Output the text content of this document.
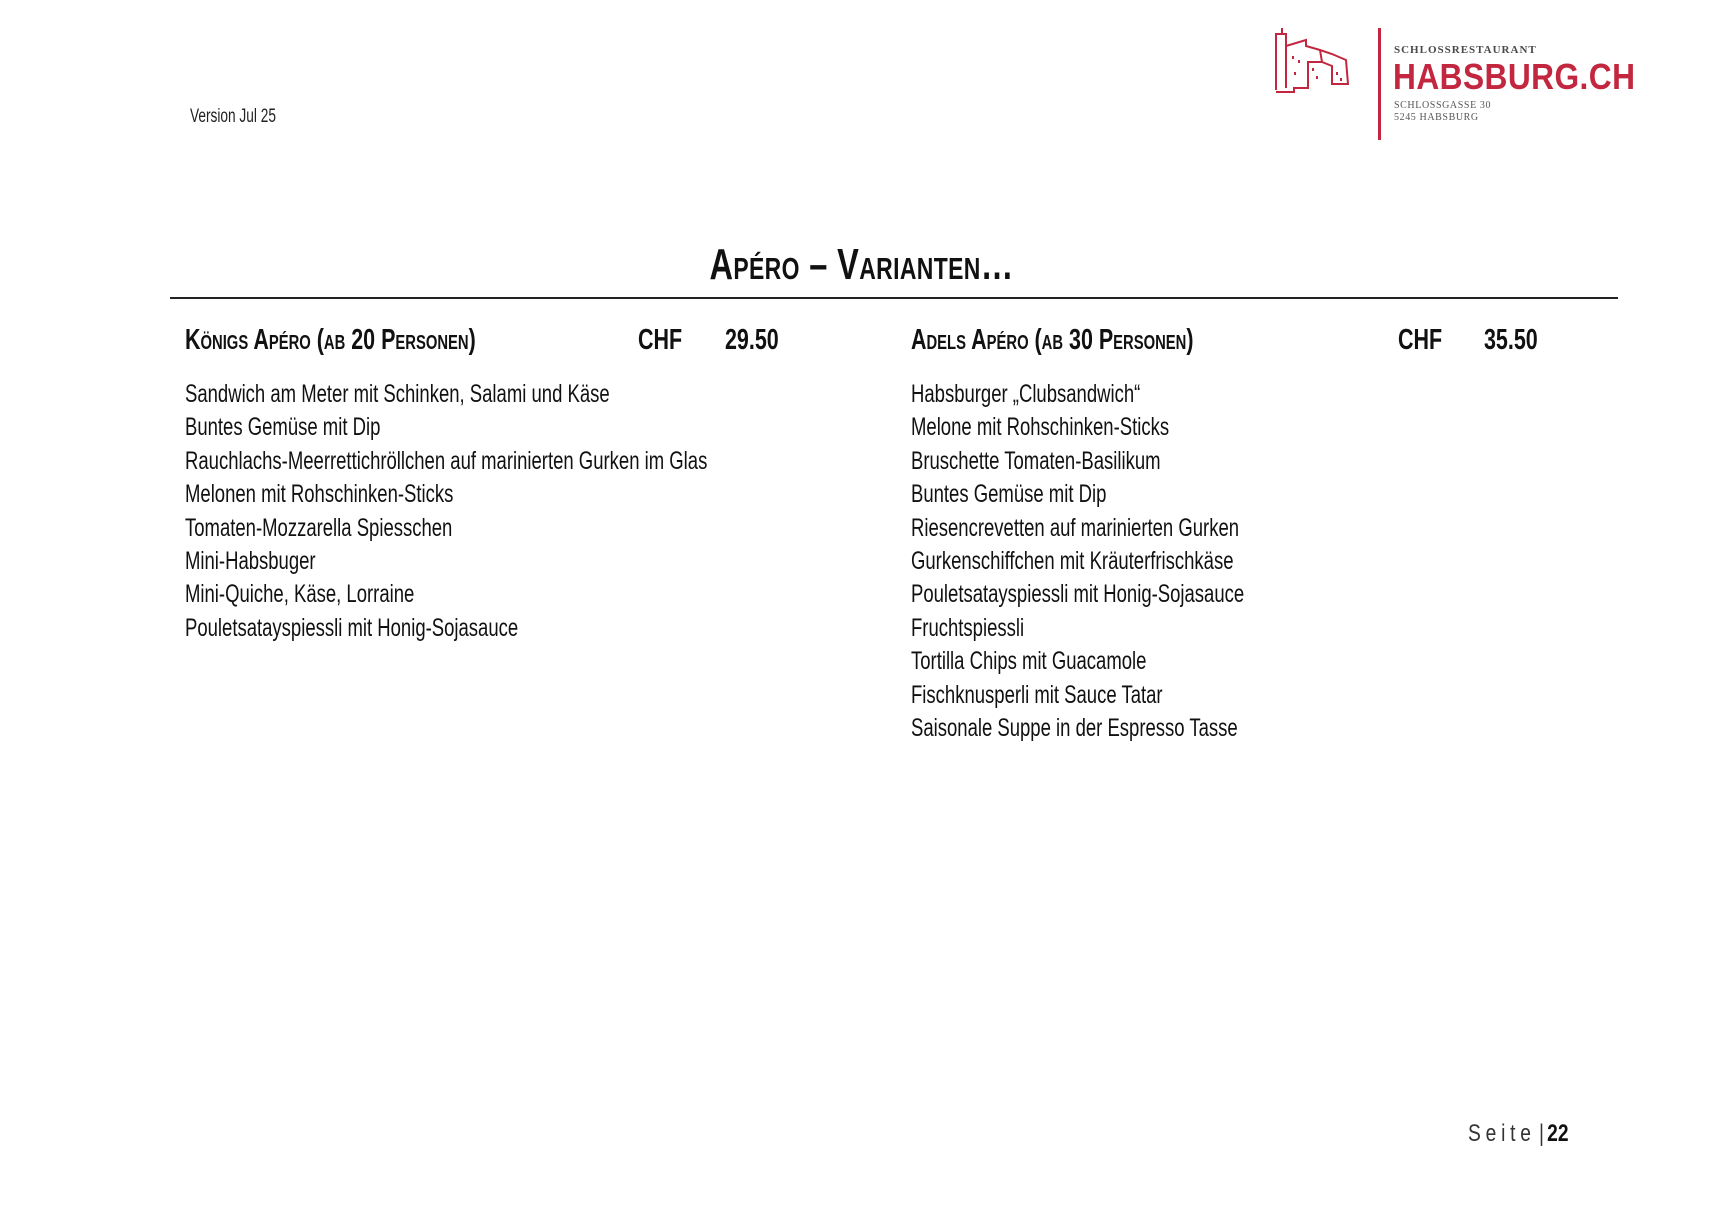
Version Jul 25
SCHLOSSRESTAURANT
HABSBURG.CH
SCHLOSSGASSE 30
5245 HABSBURG
Apéro – Varianten…
Königs Apéro (ab 20 Personen)	CHF 29.50
Sandwich am Meter mit Schinken, Salami und Käse
Buntes Gemüse mit Dip
Rauchlachs-Meerrettichröllchen auf marinierten Gurken im Glas
Melonen mit Rohschinken-Sticks
Tomaten-Mozzarella Spiesschen
Mini-Habsbuger
Mini-Quiche, Käse, Lorraine
Pouletsatayspiessli mit Honig-Sojasauce
Adels Apéro (ab 30 Personen)	CHF 35.50
Habsburger „Clubsandwich“
Melone mit Rohschinken-Sticks
Bruschette Tomaten-Basilikum
Buntes Gemüse mit Dip
Riesencrevetten auf marinierten Gurken
Gurkenschiffchen mit Kräuterfrischkäse
Pouletsatayspiessli mit Honig-Sojasauce
Fruchtspiessli
Tortilla Chips mit Guacamole
Fischknusperli mit Sauce Tatar
Saisonale Suppe in der Espresso Tasse
Seite | 22
